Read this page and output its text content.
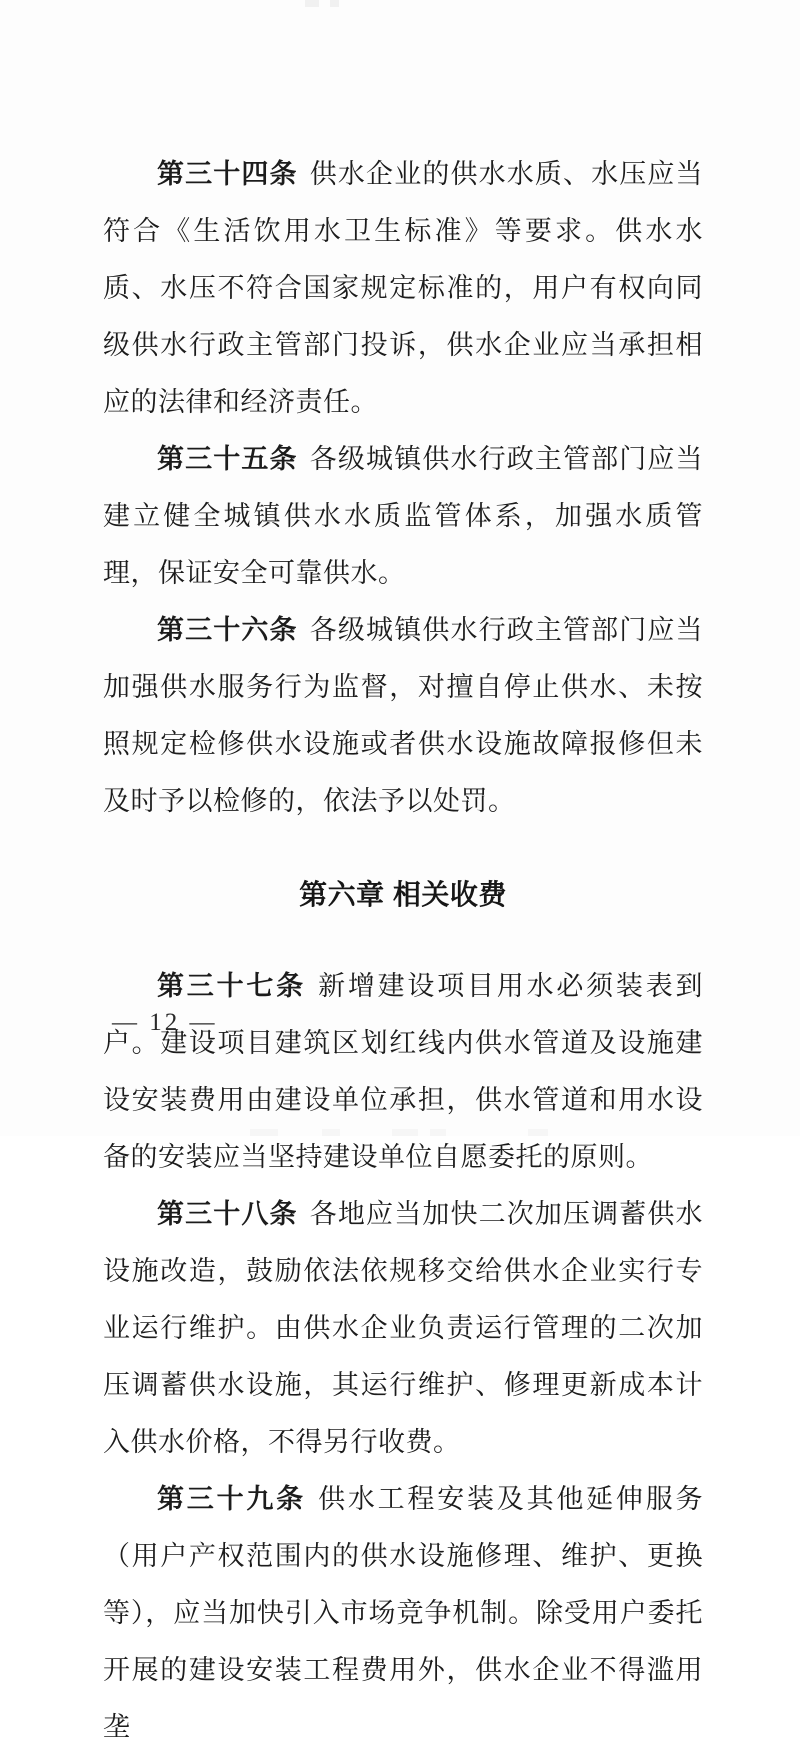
第三十四条 供水企业的供水水质、水压应当符合《生活饮用水卫生标准》等要求。供水水质、水压不符合国家规定标准的，用户有权向同级供水行政主管部门投诉，供水企业应当承担相应的法律和经济责任。

第三十五条 各级城镇供水行政主管部门应当建立健全城镇供水水质监管体系，加强水质管理，保证安全可靠供水。

第三十六条 各级城镇供水行政主管部门应当加强供水服务行为监督，对擅自停止供水、未按照规定检修供水设施或者供水设施故障报修但未及时予以检修的，依法予以处罚。

第六章 相关收费

第三十七条 新增建设项目用水必须装表到户。建设项目建筑区划红线内供水管道及设施建设安装费用由建设单位承担，供水管道和用水设备的安装应当坚持建设单位自愿委托的原则。

第三十八条 各地应当加快二次加压调蓄供水设施改造，鼓励依法依规移交给供水企业实行专业运行维护。由供水企业负责运行管理的二次加压调蓄供水设施，其运行维护、修理更新成本计入供水价格，不得另行收费。

第三十九条 供水工程安装及其他延伸服务（用户产权范围内的供水设施修理、维护、更换等），应当加快引入市场竞争机制。除受用户委托开展的建设安装工程费用外，供水企业不得滥用垄

— 12 —
